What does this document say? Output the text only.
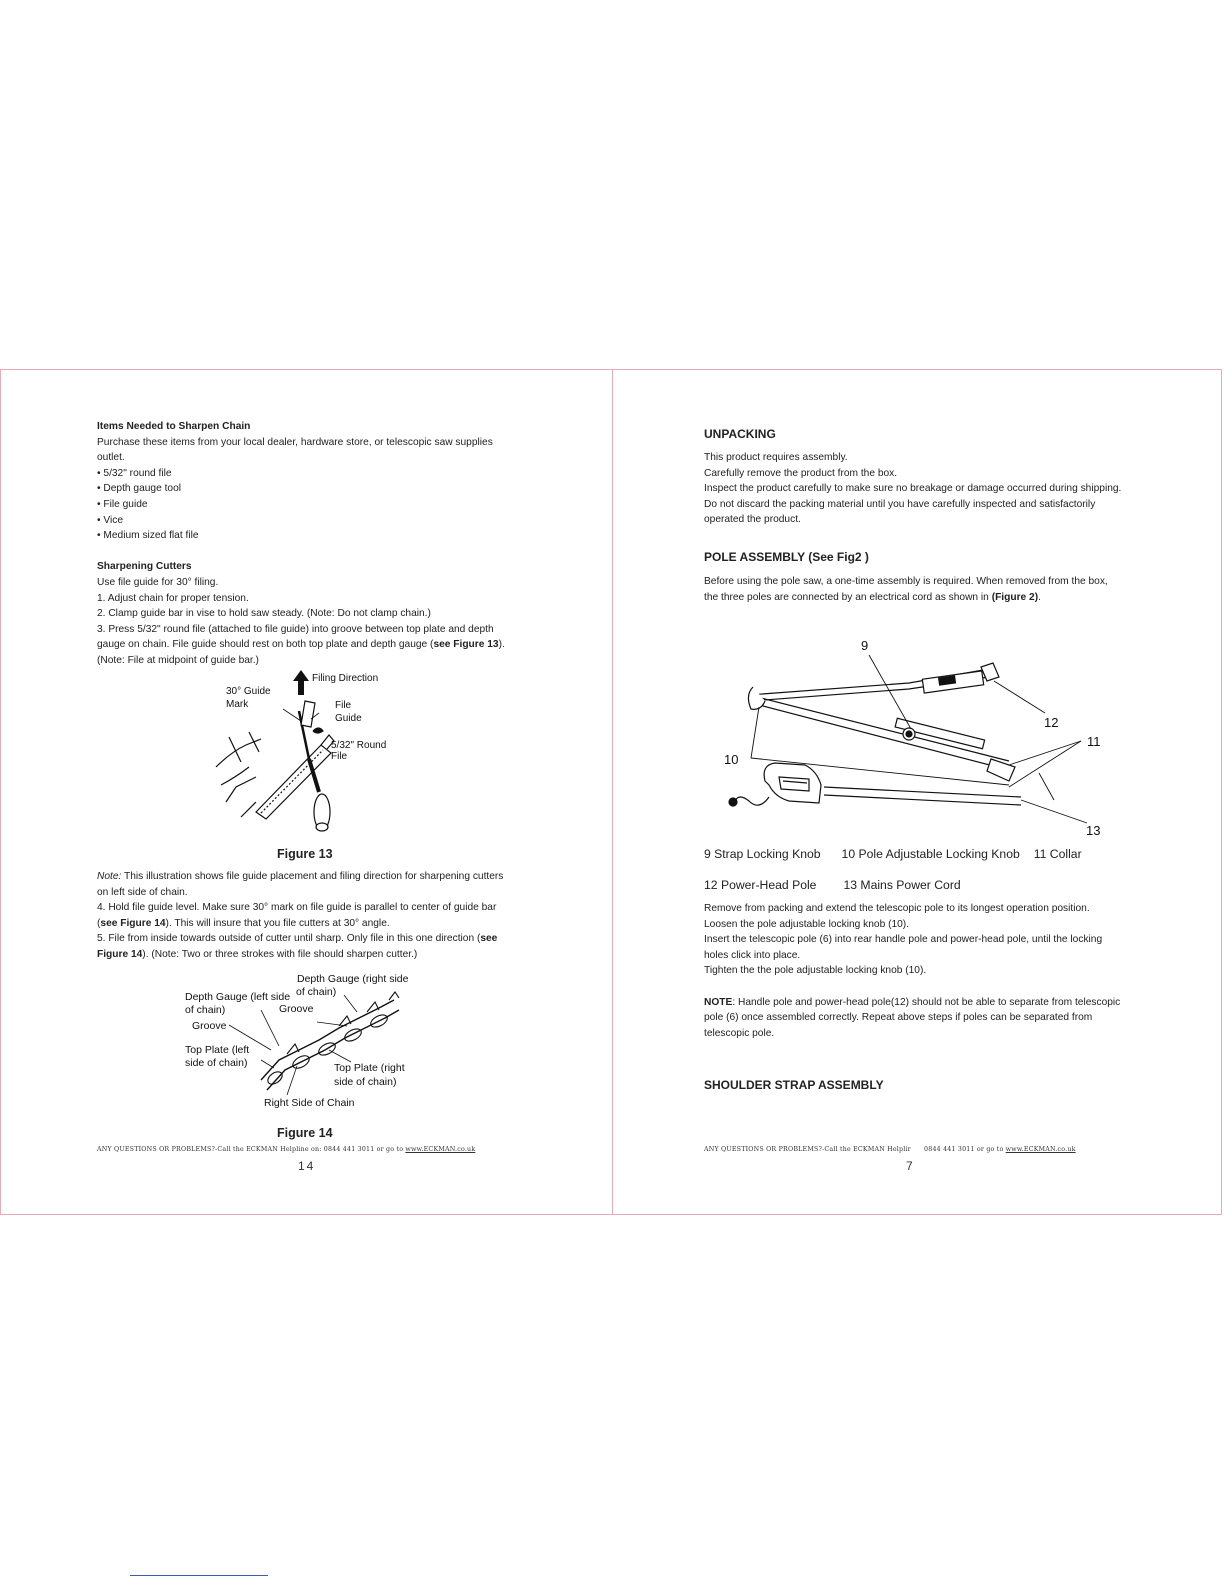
Items Needed to Sharpen Chain

Purchase these items from your local dealer, hardware store, or telescopic saw supplies outlet.

• 5/32" round file

• Depth gauge tool

• File guide

• Vice

• Medium sized flat file

Sharpening Cutters

Use file guide for 30° filing.

1. Adjust chain for proper tension.

2. Clamp guide bar in vise to hold saw steady. (Note: Do not clamp chain.)

3. Press 5/32" round file (attached to file guide) into groove between top plate and depth gauge on chain. File guide should rest on both top plate and depth gauge (see Figure 13). (Note: File at midpoint of guide bar.)

Filing Direction
30° Guide
Mark	File
Guide
5/32" Round
File
Figure 13

Note: This illustration shows file guide placement and filing direction for sharpening cutters on left side of chain.

4. Hold file guide level. Make sure 30° mark on file guide is parallel to center of guide bar (see Figure 14). This will insure that you file cutters at 30° angle.

5. File from inside towards outside of cutter until sharp. Only file in this one direction (see Figure 14). (Note: Two or three strokes with file should sharpen cutter.)

Depth Gauge (right side
of chain)
Depth Gauge (left side
of chain)	Groove
Groove
Top Plate (left
side of chain)	Top Plate (right
side of chain)
Right Side of Chain
Figure 14
ANY QUESTIONS OR PROBLEMS?-Call the ECKMAN Helpline on: 0844 441 3011 or go to www.ECKMAN.co.uk
14
UNPACKING

This product requires assembly.

Carefully remove the product from the box.

Inspect the product carefully to make sure no breakage or damage occurred during shipping.

Do not discard the packing material until you have carefully inspected and satisfactorily operated the product.

POLE ASSEMBLY (See Fig2 )
Before using the pole saw, a one-time assembly is required. When removed from the box, the three poles are connected by an electrical cord as shown in (Figure 2).
9
10
11
12
13
9 Strap Locking Knob 10 Pole Adjustable Locking Knob 11 Collar
12 Power-Head Pole 13 Mains Power Cord

Remove from packing and extend the telescopic pole to its longest operation position.

Loosen the pole adjustable locking knob (10).

Insert the telescopic pole (6) into rear handle pole and power-head pole, until the locking holes click into place.

Tighten the the pole adjustable locking knob (10).

NOTE: Handle pole and power-head pole(12) should not be able to separate from telescopic pole (6) once assembled correctly. Repeat above steps if poles can be separated from telescopic pole.

SHOULDER STRAP ASSEMBLY
ANY QUESTIONS OR PROBLEMS?-Call the ECKMAN Helplir      0844 441 3011 or go to www.ECKMAN.co.uk
7
